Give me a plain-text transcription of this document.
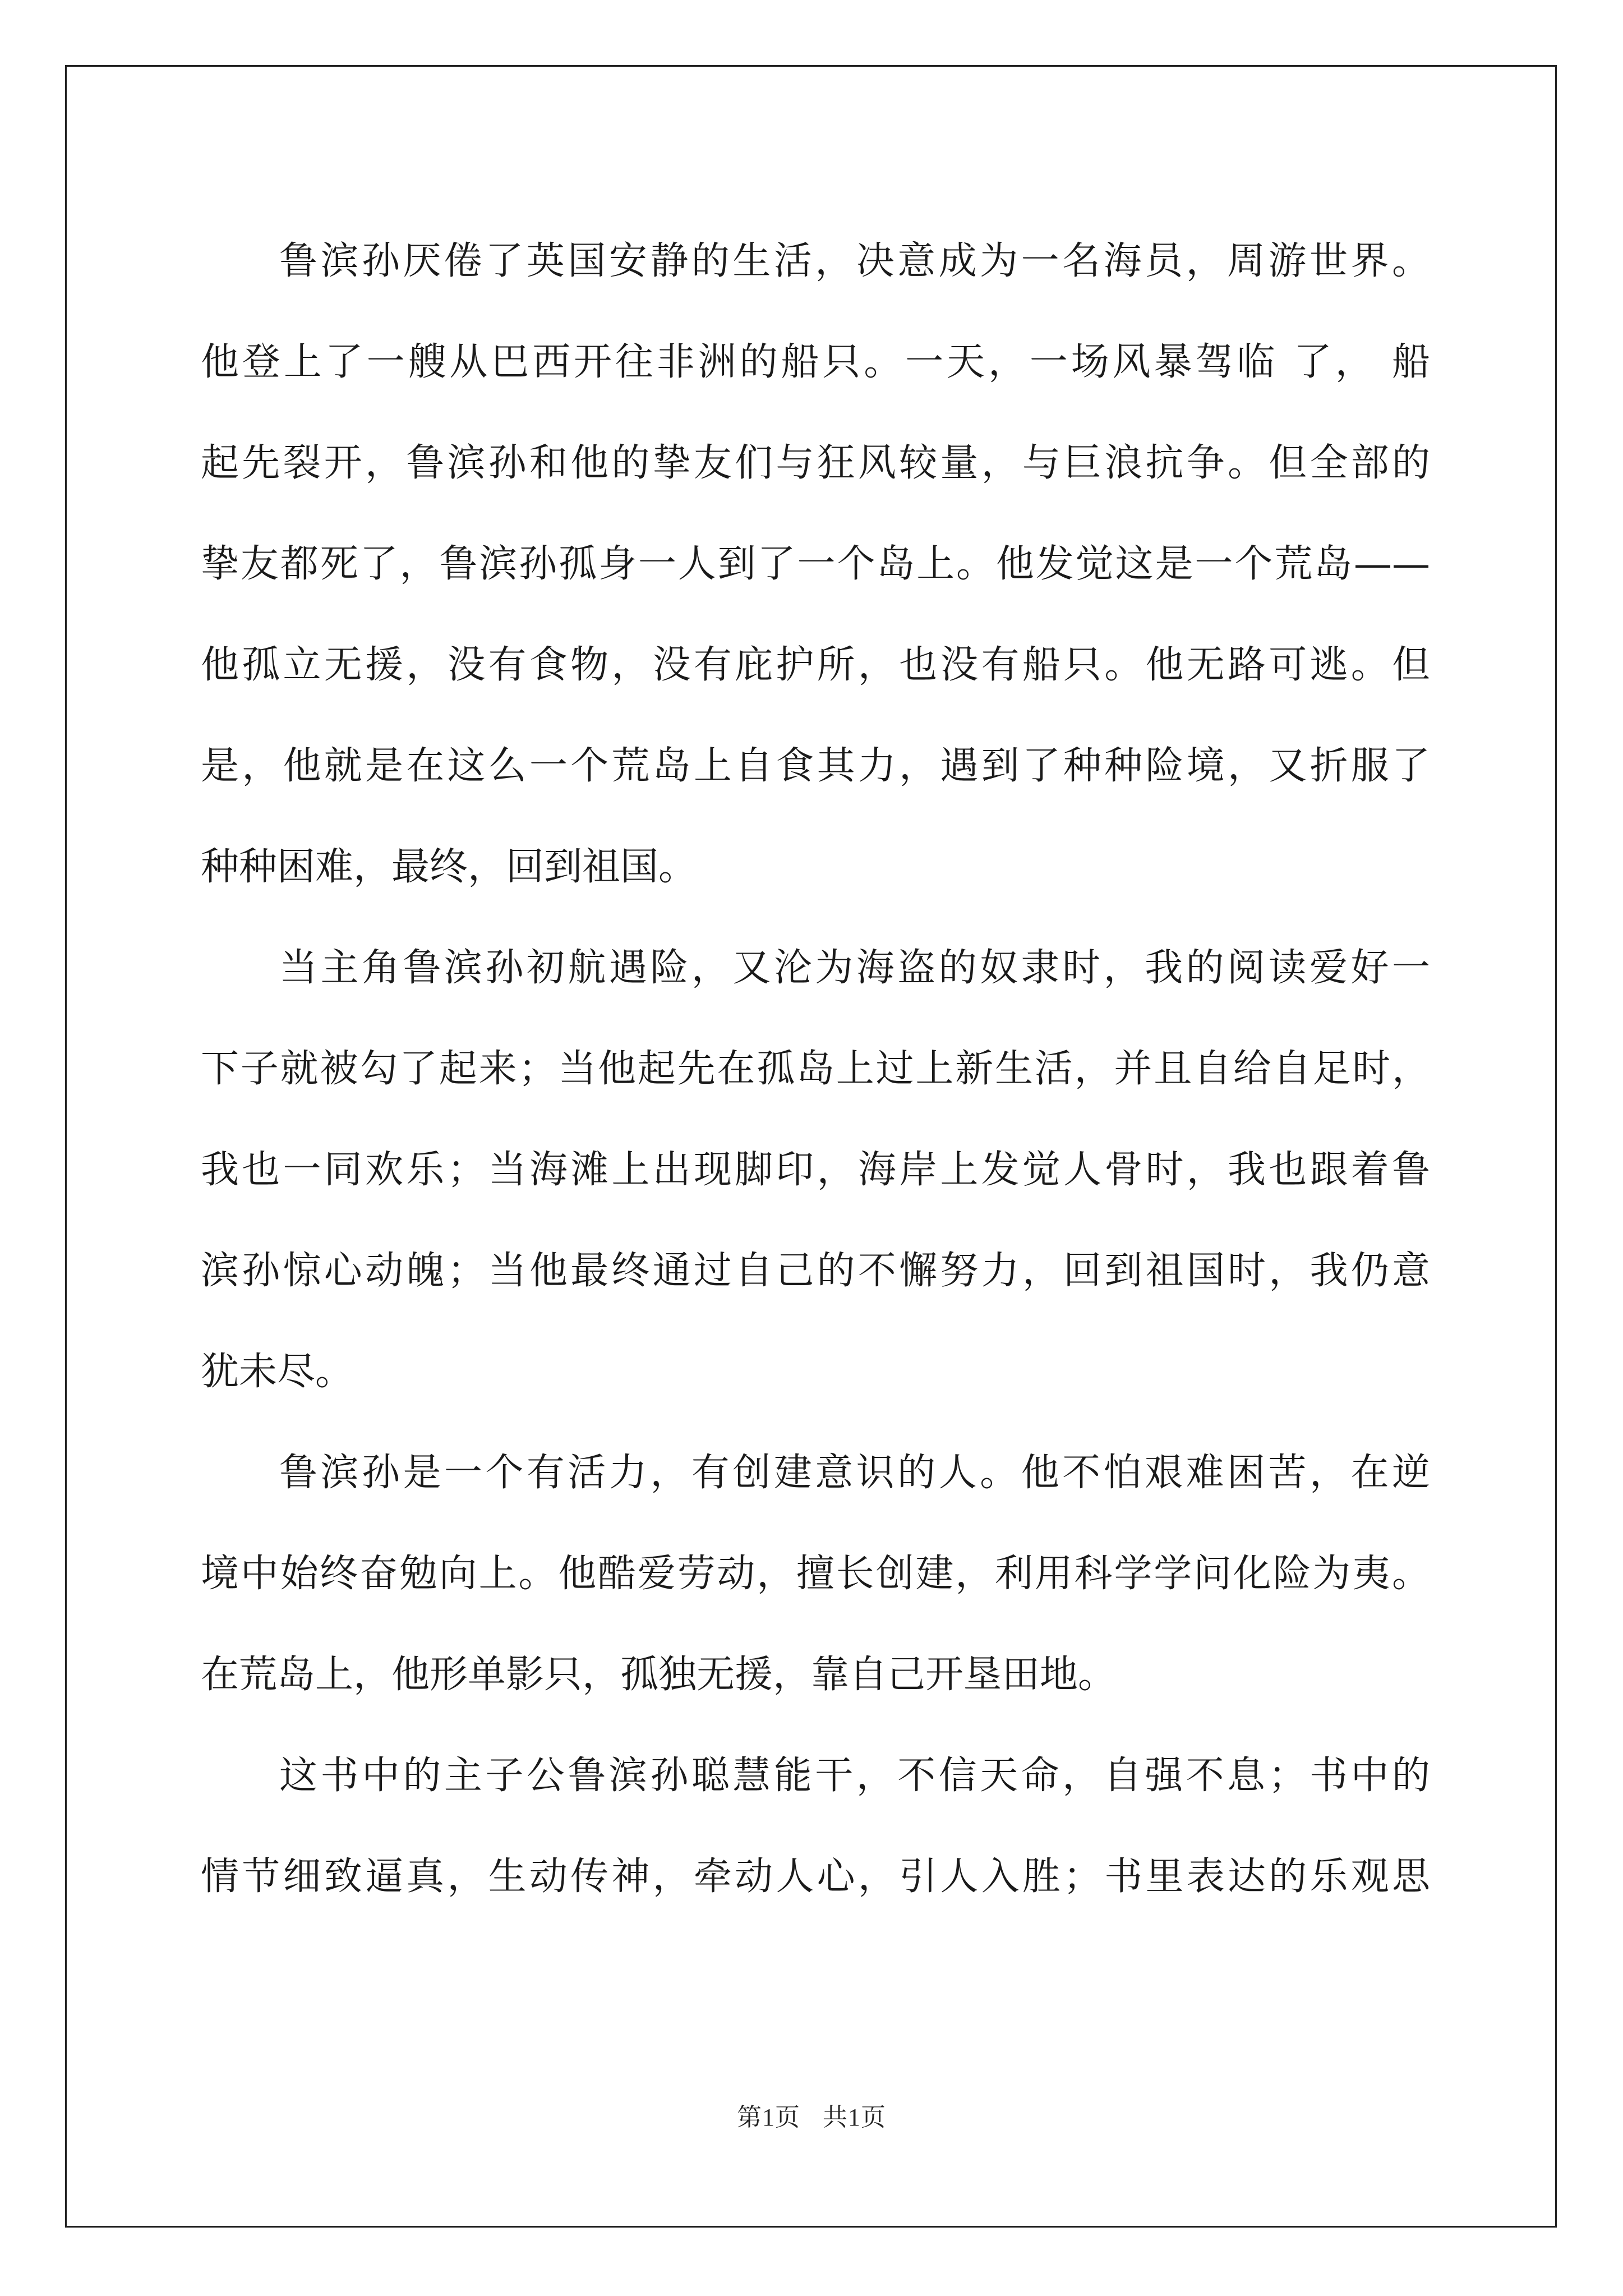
鲁滨孙厌倦了英国安静的生活，决意成为一名海员，周游世界。
他登上了一艘从巴西开往非洲的船只。一天，一场风暴驾临 了， 船
起先裂开，鲁滨孙和他的挚友们与狂风较量，与巨浪抗争。但全部的
挚友都死了，鲁滨孙孤身一人到了一个岛上。他发觉这是一个荒岛——
他孤立无援，没有食物，没有庇护所，也没有船只。他无路可逃。但
是，他就是在这么一个荒岛上自食其力，遇到了种种险境，又折服了
种种困难，最终，回到祖国。
当主角鲁滨孙初航遇险，又沦为海盗的奴隶时，我的阅读爱好一
下子就被勾了起来；当他起先在孤岛上过上新生活，并且自给自足时，
我也一同欢乐；当海滩上出现脚印，海岸上发觉人骨时，我也跟着鲁
滨孙惊心动魄；当他最终通过自己的不懈努力，回到祖国时，我仍意
犹未尽。
鲁滨孙是一个有活力，有创建意识的人。他不怕艰难困苦，在逆
境中始终奋勉向上。他酷爱劳动，擅长创建，利用科学学问化险为夷。
在荒岛上，他形单影只，孤独无援，靠自己开垦田地。
这书中的主子公鲁滨孙聪慧能干，不信天命，自强不息；书中的
情节细致逼真，生动传神，牵动人心，引人入胜；书里表达的乐观思
第1页 共1页
